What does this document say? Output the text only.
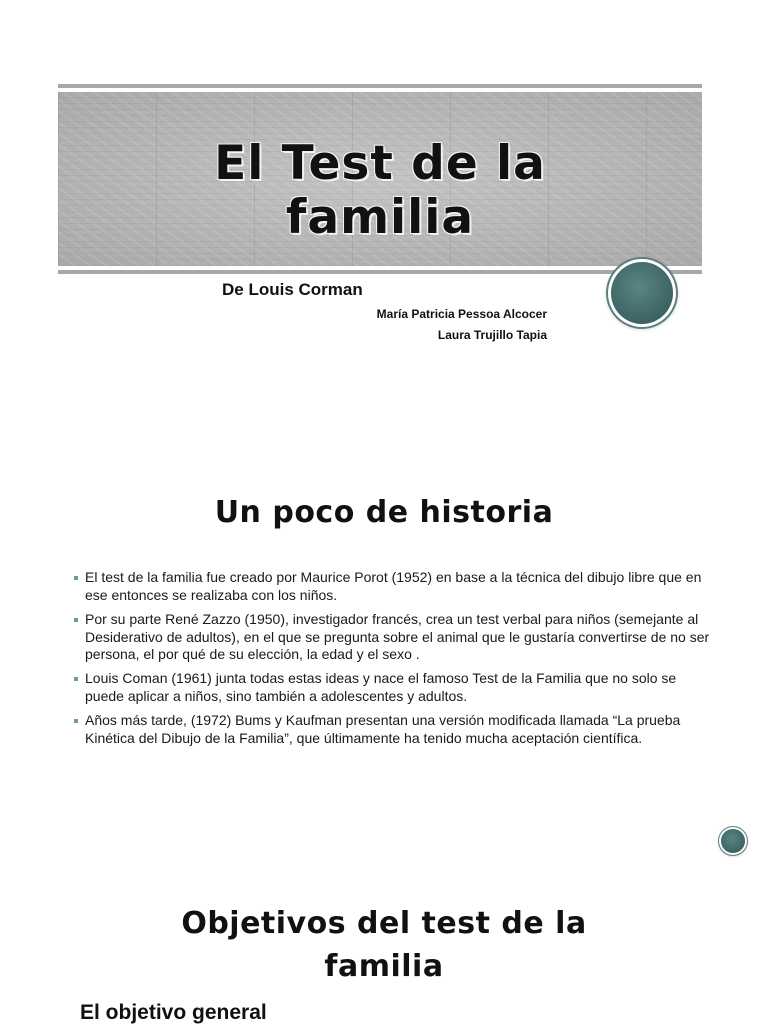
El Test de la
familia
De Louis Corman
María Patricia Pessoa Alcocer
Laura Trujillo Tapia
Un poco de historia
El test de la familia fue creado por Maurice Porot (1952) en base a la técnica del dibujo libre que en ese entonces se realizaba con los niños.
Por su parte René Zazzo (1950), investigador francés, crea un test verbal para niños (semejante al Desiderativo de adultos), en el que se pregunta sobre el animal que le gustaría convertirse de no ser persona, el por qué de su elección, la edad y el sexo .
Louis Coman (1961) junta todas estas ideas y nace el famoso Test de la Familia que no solo se puede aplicar a niños, sino también a adolescentes y adultos.
Años más tarde, (1972) Bums y Kaufman presentan una versión modificada llamada “La prueba Kinética del Dibujo de la Familia”, que últimamente ha tenido mucha aceptación científica.
Objetivos del test de la
familia
El objetivo general
